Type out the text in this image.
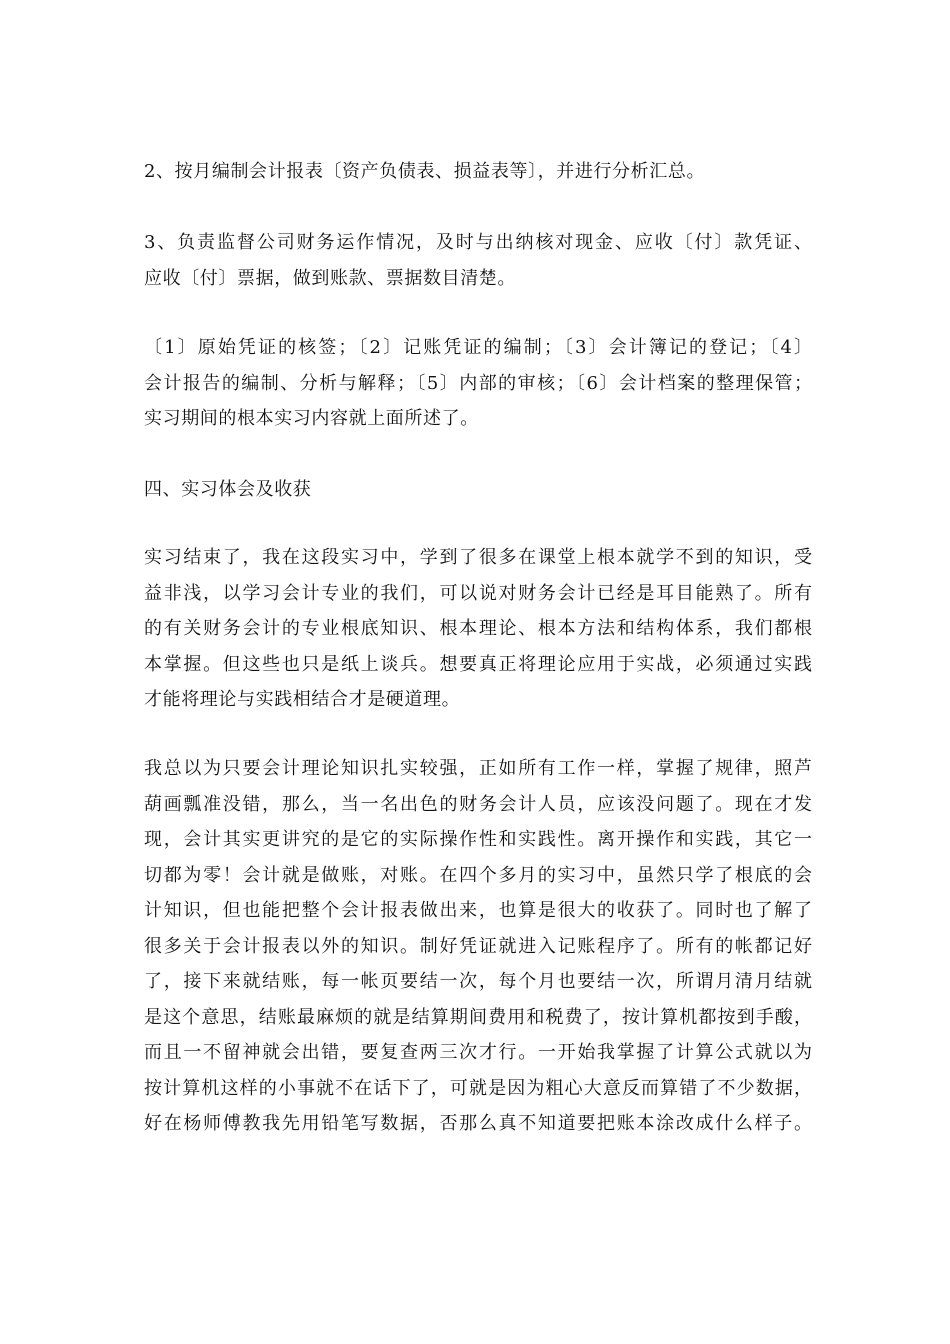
2、按月编制会计报表〔资产负债表、损益表等〕，并进行分析汇总。
3、负责监督公司财务运作情况，及时与出纳核对现金、应收〔付〕款凭证、
应收〔付〕票据，做到账款、票据数目清楚。
〔1〕原始凭证的核签；〔2〕记账凭证的编制；〔3〕会计簿记的登记；〔4〕
会计报告的编制、分析与解释；〔5〕内部的审核；〔6〕会计档案的整理保管；
实习期间的根本实习内容就上面所述了。
四、实习体会及收获
实习结束了，我在这段实习中，学到了很多在课堂上根本就学不到的知识，受
益非浅，以学习会计专业的我们，可以说对财务会计已经是耳目能熟了。所有
的有关财务会计的专业根底知识、根本理论、根本方法和结构体系，我们都根
本掌握。但这些也只是纸上谈兵。想要真正将理论应用于实战，必须通过实践
才能将理论与实践相结合才是硬道理。
我总以为只要会计理论知识扎实较强，正如所有工作一样，掌握了规律，照芦
葫画瓢准没错，那么，当一名出色的财务会计人员，应该没问题了。现在才发
现，会计其实更讲究的是它的实际操作性和实践性。离开操作和实践，其它一
切都为零！会计就是做账，对账。在四个多月的实习中，虽然只学了根底的会
计知识，但也能把整个会计报表做出来，也算是很大的收获了。同时也了解了
很多关于会计报表以外的知识。制好凭证就进入记账程序了。所有的帐都记好
了，接下来就结账，每一帐页要结一次，每个月也要结一次，所谓月清月结就
是这个意思，结账最麻烦的就是结算期间费用和税费了，按计算机都按到手酸，
而且一不留神就会出错，要复查两三次才行。一开始我掌握了计算公式就以为
按计算机这样的小事就不在话下了，可就是因为粗心大意反而算错了不少数据，
好在杨师傅教我先用铅笔写数据，否那么真不知道要把账本涂改成什么样子。
